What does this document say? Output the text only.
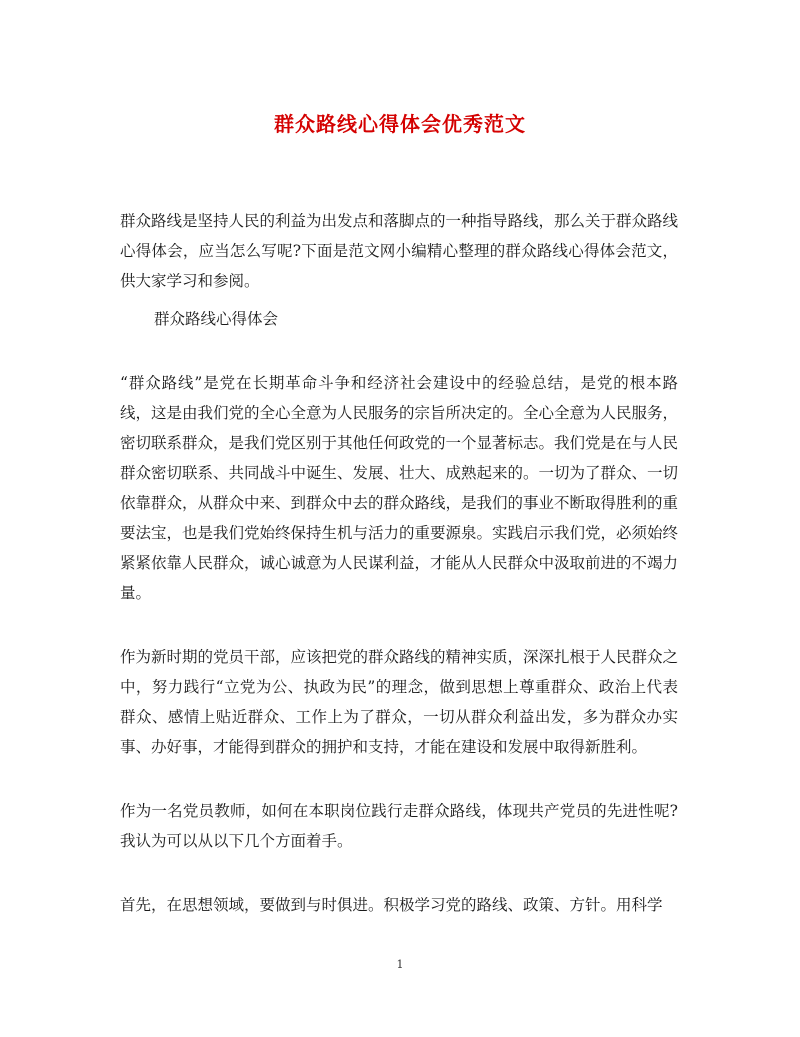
群众路线心得体会优秀范文

群众路线是坚持人民的利益为出发点和落脚点的一种指导路线，那么关于群众路线心得体会，应当怎么写呢?下面是范文网小编精心整理的群众路线心得体会范文，供大家学习和参阅。

群众路线心得体会

“群众路线”是党在长期革命斗争和经济社会建设中的经验总结，是党的根本路线，这是由我们党的全心全意为人民服务的宗旨所决定的。全心全意为人民服务，密切联系群众，是我们党区别于其他任何政党的一个显著标志。我们党是在与人民群众密切联系、共同战斗中诞生、发展、壮大、成熟起来的。一切为了群众、一切依靠群众，从群众中来、到群众中去的群众路线，是我们的事业不断取得胜利的重要法宝，也是我们党始终保持生机与活力的重要源泉。实践启示我们党，必须始终紧紧依靠人民群众，诚心诚意为人民谋利益，才能从人民群众中汲取前进的不竭力量。

作为新时期的党员干部，应该把党的群众路线的精神实质，深深扎根于人民群众之中，努力践行“立党为公、执政为民”的理念，做到思想上尊重群众、政治上代表群众、感情上贴近群众、工作上为了群众，一切从群众利益出发，多为群众办实事、办好事，才能得到群众的拥护和支持，才能在建设和发展中取得新胜利。

作为一名党员教师，如何在本职岗位践行走群众路线，体现共产党员的先进性呢?我认为可以从以下几个方面着手。

首先，在思想领域，要做到与时俱进。积极学习党的路线、政策、方针。用科学

1
